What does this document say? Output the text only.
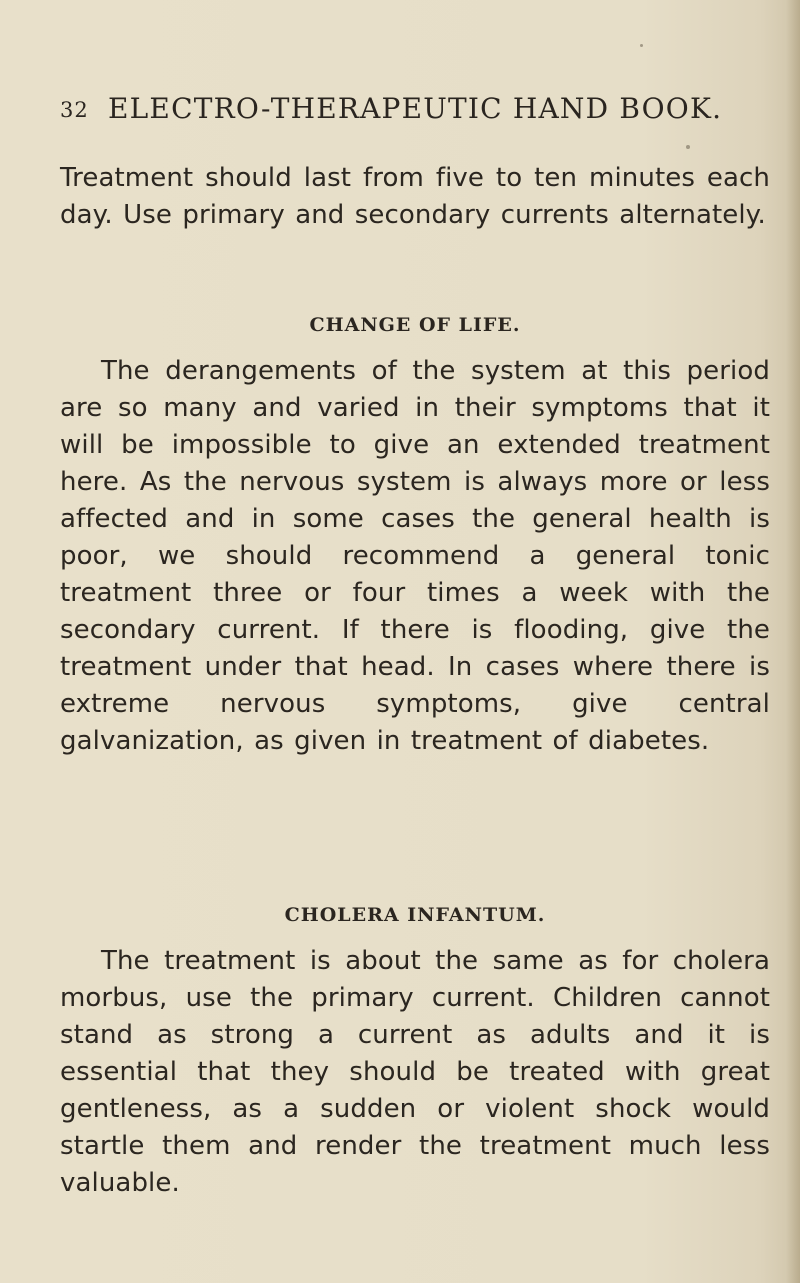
32 ELECTRO-THERAPEUTIC HAND BOOK.

Treatment should last from five to ten minutes each day. Use primary and secondary currents alternately.

CHANGE OF LIFE.

The derangements of the system at this period are so many and varied in their symptoms that it will be impossible to give an extended treatment here. As the nervous system is always more or less affected and in some cases the general health is poor, we should recommend a general tonic treatment three or four times a week with the secondary current. If there is flooding, give the treatment under that head. In cases where there is extreme nervous symptoms, give central galvanization, as given in treatment of diabetes.

CHOLERA INFANTUM.

The treatment is about the same as for cholera morbus, use the primary current. Children cannot stand as strong a current as adults and it is essential that they should be treated with great gentleness, as a sudden or violent shock would startle them and render the treatment much less valuable.
